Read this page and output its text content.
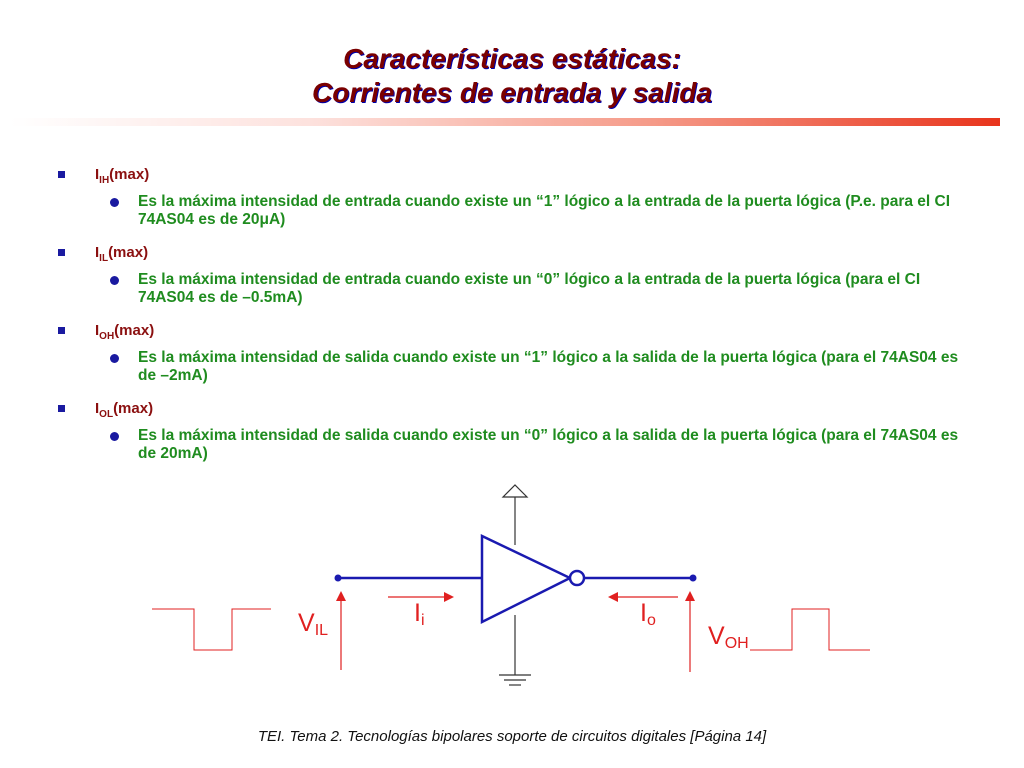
Características estáticas:
Corrientes de entrada y salida
$I_{IH}(\max)$
Es la máxima intensidad de entrada cuando existe un “1” lógico a la entrada de la puerta lógica (P.e. para el CI 74AS04 es de 20μA)
$I_{IL}(\max)$
Es la máxima intensidad de entrada cuando existe un “0” lógico a la entrada de la puerta lógica (para el CI 74AS04 es de –0.5mA)
$I_{OH}(\max)$
Es la máxima intensidad de salida cuando existe un “1” lógico a la salida de la puerta lógica (para el 74AS04 es de –2mA)
$I_{OL}(\max)$
Es la máxima intensidad de salida cuando existe un “0” lógico a la salida de la puerta lógica (para el 74AS04 es de 20mA)
VIL	VOH
Ii	Io
TEI. Tema 2. Tecnologías bipolares soporte de circuitos digitales [Página 14]
